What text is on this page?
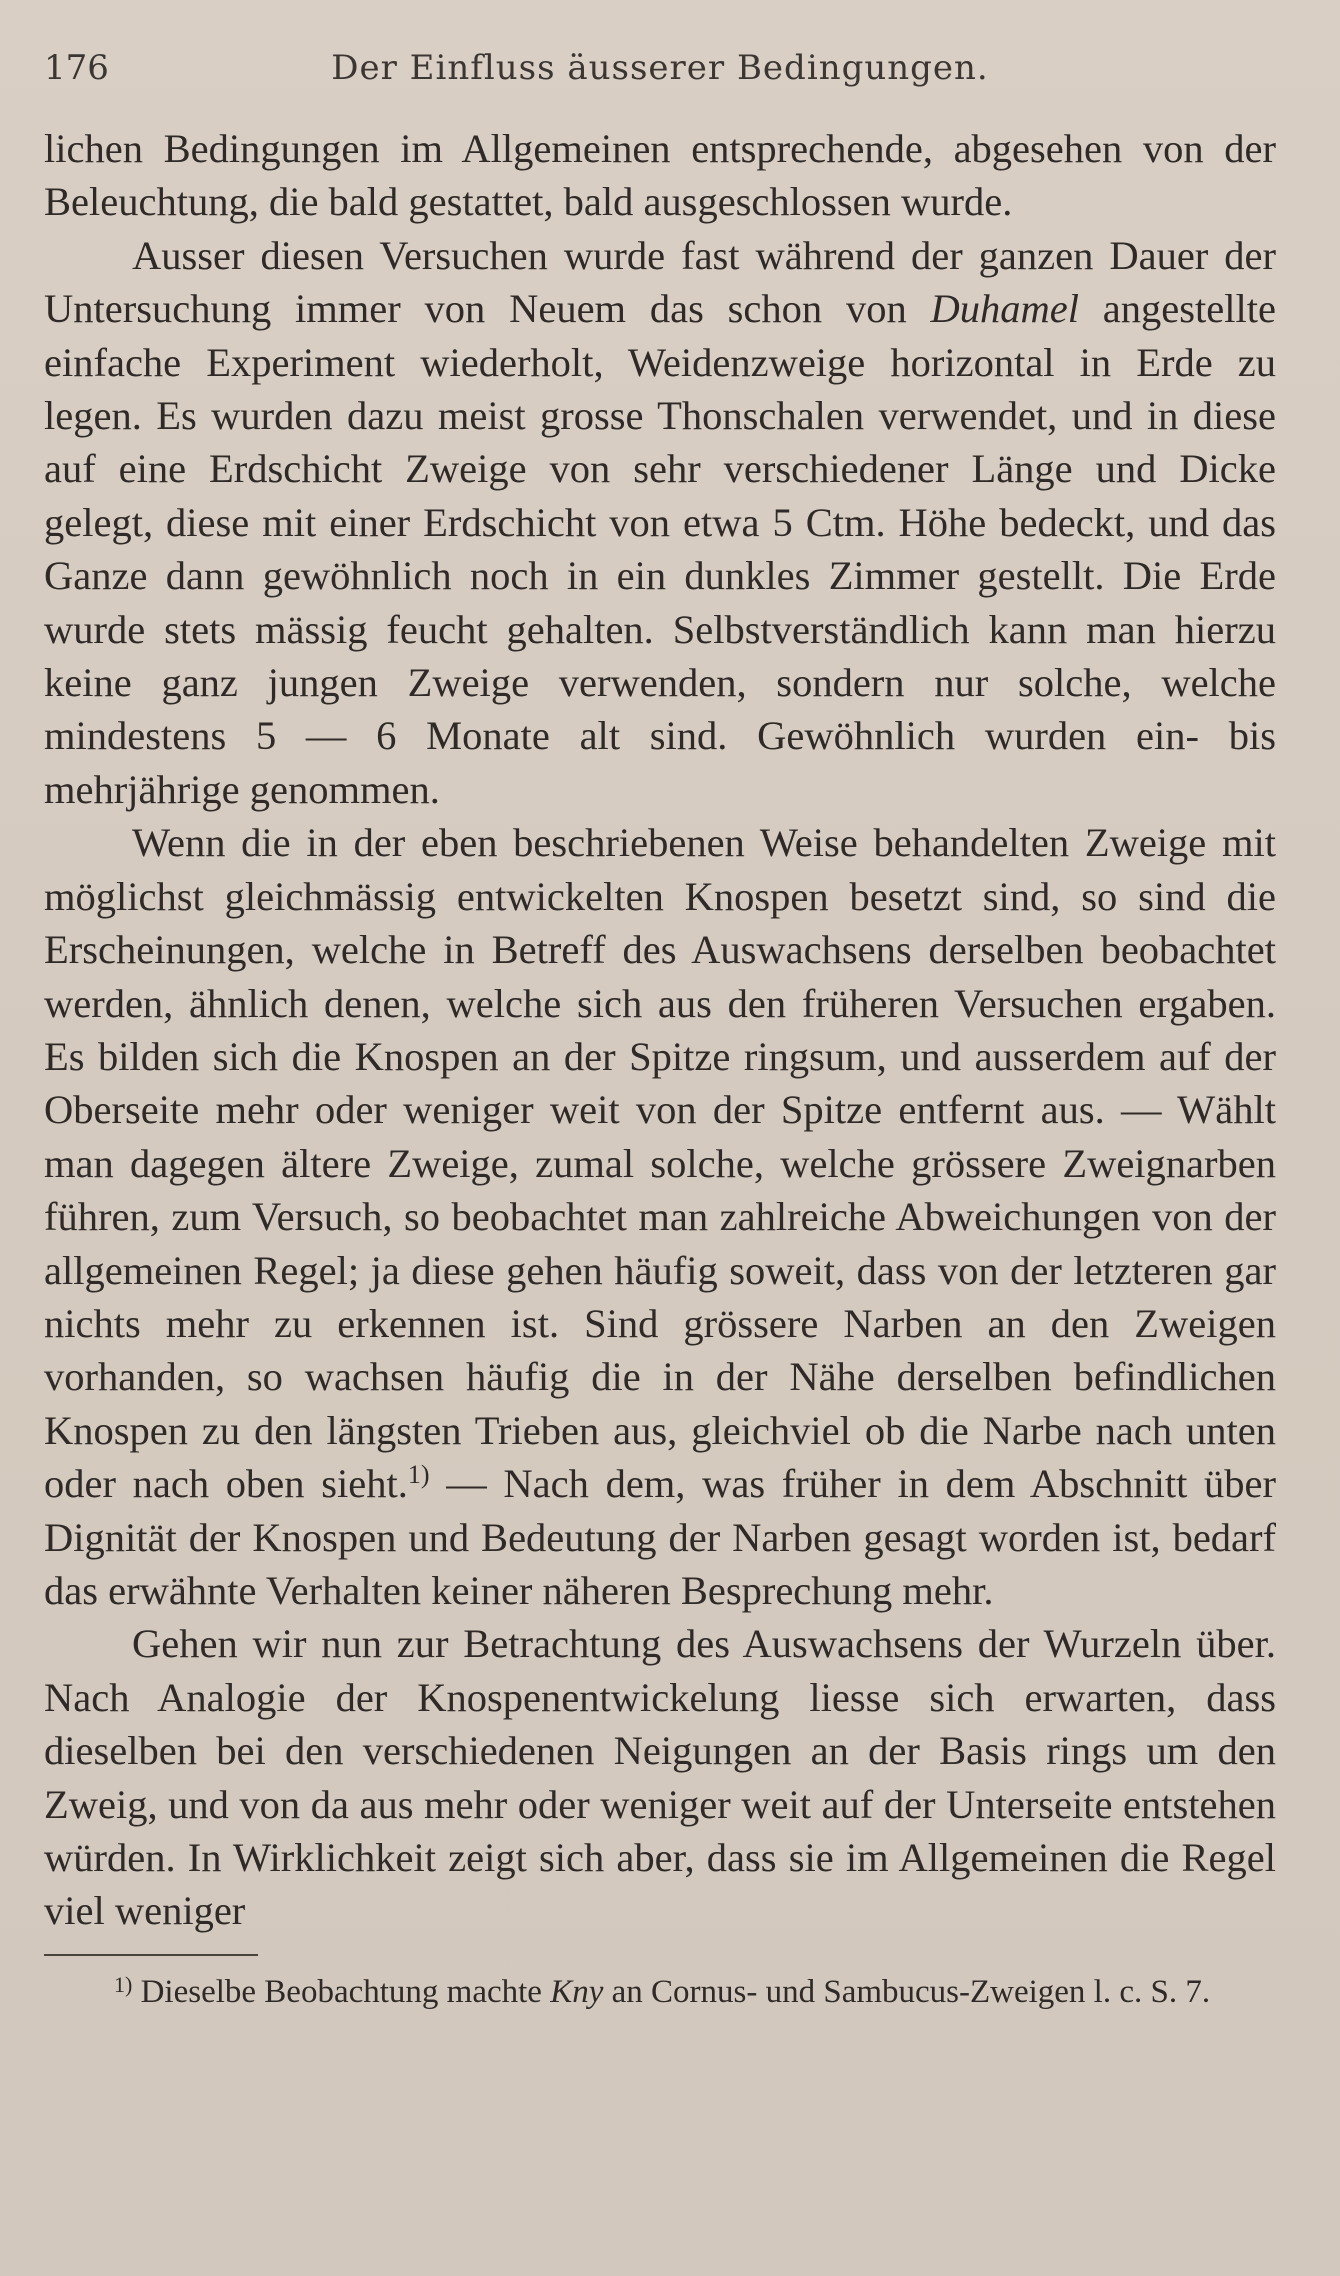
176	Der Einfluss äusserer Bedingungen.

lichen Bedingungen im Allgemeinen entsprechende, abgesehen von der Beleuchtung, die bald gestattet, bald ausgeschlossen wurde.

Ausser diesen Versuchen wurde fast während der ganzen Dauer der Untersuchung immer von Neuem das schon von Duhamel angestellte einfache Experiment wiederholt, Weidenzweige horizontal in Erde zu legen. Es wurden dazu meist grosse Thonschalen verwendet, und in diese auf eine Erdschicht Zweige von sehr verschiedener Länge und Dicke gelegt, diese mit einer Erdschicht von etwa 5 Ctm. Höhe bedeckt, und das Ganze dann gewöhnlich noch in ein dunkles Zimmer gestellt. Die Erde wurde stets mässig feucht gehalten. Selbstverständlich kann man hierzu keine ganz jungen Zweige verwenden, sondern nur solche, welche mindestens 5 — 6 Monate alt sind. Gewöhnlich wurden ein- bis mehrjährige genommen.

Wenn die in der eben beschriebenen Weise behandelten Zweige mit möglichst gleichmässig entwickelten Knospen besetzt sind, so sind die Erscheinungen, welche in Betreff des Auswachsens derselben beobachtet werden, ähnlich denen, welche sich aus den früheren Versuchen ergaben. Es bilden sich die Knospen an der Spitze ringsum, und ausserdem auf der Oberseite mehr oder weniger weit von der Spitze entfernt aus. — Wählt man dagegen ältere Zweige, zumal solche, welche grössere Zweignarben führen, zum Versuch, so beobachtet man zahlreiche Abweichungen von der allgemeinen Regel; ja diese gehen häufig soweit, dass von der letzteren gar nichts mehr zu erkennen ist. Sind grössere Narben an den Zweigen vorhanden, so wachsen häufig die in der Nähe derselben befindlichen Knospen zu den längsten Trieben aus, gleichviel ob die Narbe nach unten oder nach oben sieht.$^{1)}$ — Nach dem, was früher in dem Abschnitt über Dignität der Knospen und Bedeutung der Narben gesagt worden ist, bedarf das erwähnte Verhalten keiner näheren Besprechung mehr.

Gehen wir nun zur Betrachtung des Auswachsens der Wurzeln über. Nach Analogie der Knospenentwickelung liesse sich erwarten, dass dieselben bei den verschiedenen Neigungen an der Basis rings um den Zweig, und von da aus mehr oder weniger weit auf der Unterseite entstehen würden. In Wirklichkeit zeigt sich aber, dass sie im Allgemeinen die Regel viel weniger

$^{1)}$ Dieselbe Beobachtung machte Kny an Cornus- und Sambucus-Zweigen l. c. S. 7.
